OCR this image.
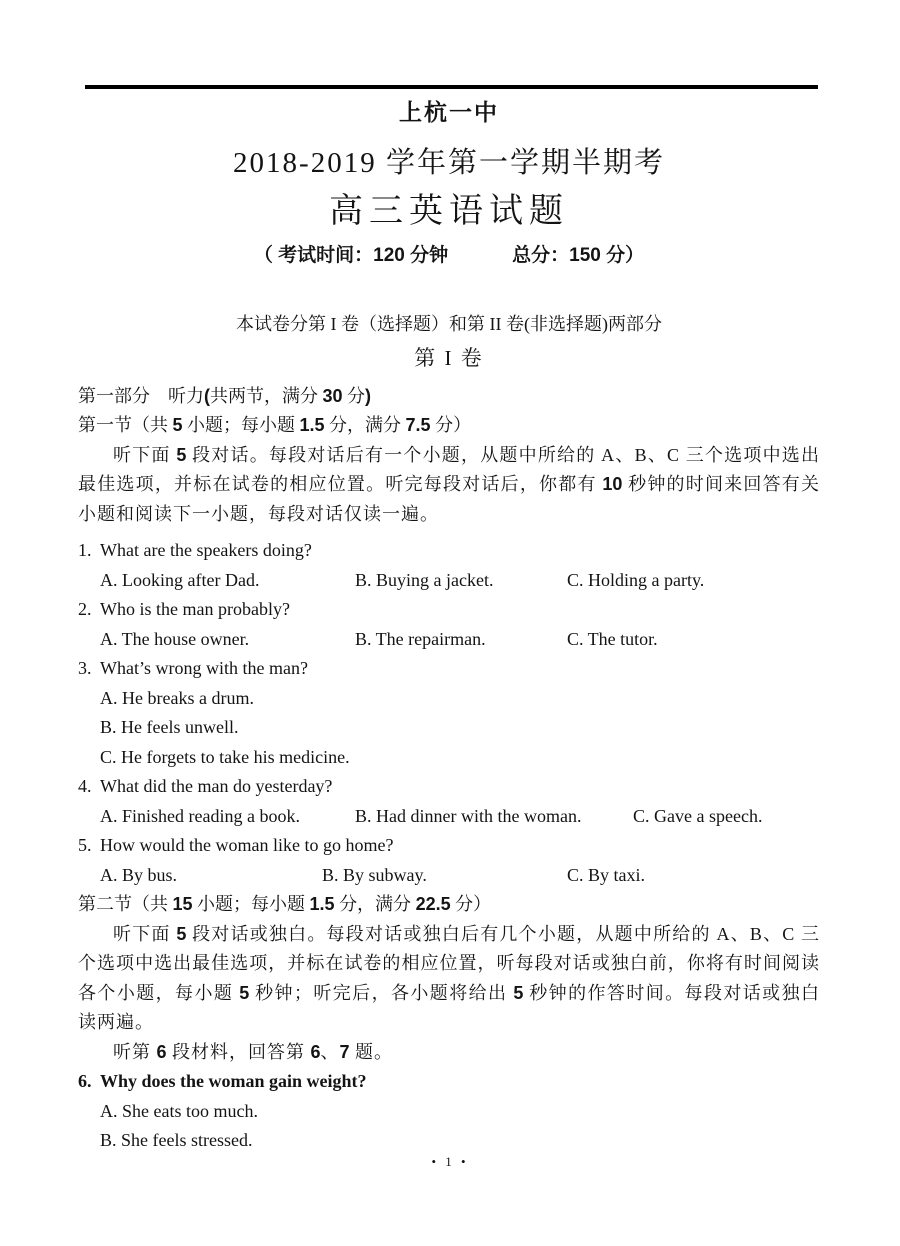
上杭一中
2018-2019 学年第一学期半期考
高三英语试题
（ 考试时间：120 分钟	总分：150 分）
本试卷分第 I 卷（选择题）和第 II 卷(非选择题)两部分
第 I 卷
第一部分　听力(共两节，满分 30 分)
第一节（共 5 小题；每小题 1.5 分，满分 7.5 分）
听下面 5 段对话。每段对话后有一个小题，从题中所给的 A、B、C 三个选项中选出最佳选项，并标在试卷的相应位置。听完每段对话后，你都有 10 秒钟的时间来回答有关小题和阅读下一小题，每段对话仅读一遍。
1. What are the speakers doing?
A. Looking after Dad.	B. Buying a jacket.	C. Holding a party.
2. Who is the man probably?
A. The house owner.	B. The repairman.	C. The tutor.
3. What’s wrong with the man?
A. He breaks a drum.
B. He feels unwell.
C. He forgets to take his medicine.
4. What did the man do yesterday?
A. Finished reading a book.	B. Had dinner with the woman.	C. Gave a speech.
5. How would the woman like to go home?
A. By bus.	B. By subway.	C. By taxi.
第二节（共 15 小题；每小题 1.5 分，满分 22.5 分）
听下面 5 段对话或独白。每段对话或独白后有几个小题，从题中所给的 A、B、C 三个选项中选出最佳选项，并标在试卷的相应位置，听每段对话或独白前，你将有时间阅读各个小题，每小题 5 秒钟；听完后，各小题将给出 5 秒钟的作答时间。每段对话或独白读两遍。
听第 6 段材料，回答第 6、7 题。
6. Why does the woman gain weight?
A. She eats too much.
B. She feels stressed.
• 1 •
